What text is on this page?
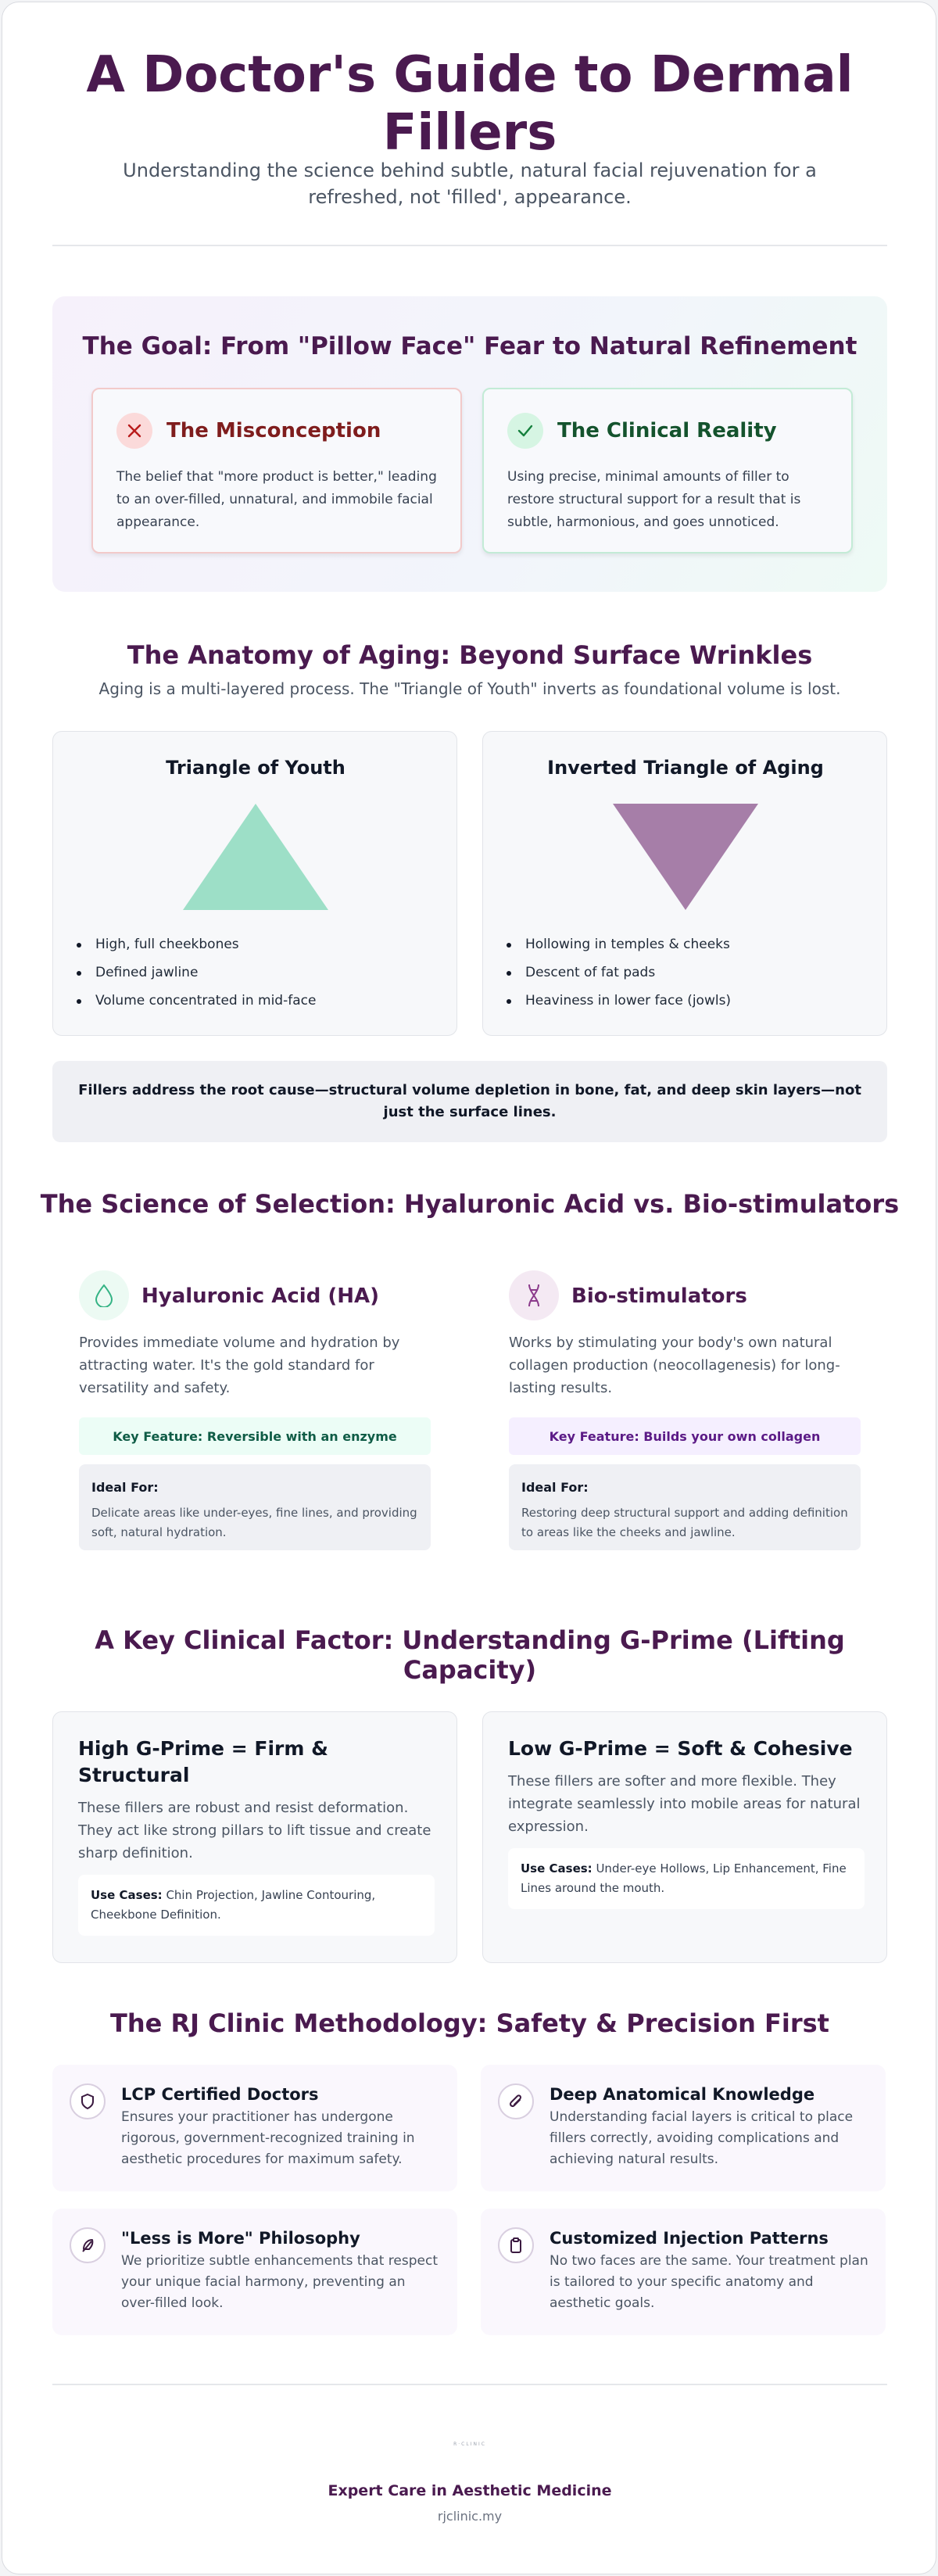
A Doctor's Guide to Dermal Fillers

Understanding the science behind subtle, natural facial rejuvenation for a refreshed, not 'filled', appearance.

The Goal: From "Pillow Face" Fear to Natural Refinement
The Misconception

The belief that "more product is better," leading to an over-filled, unnatural, and immobile facial appearance.

The Clinical Reality

Using precise, minimal amounts of filler to restore structural support for a result that is subtle, harmonious, and goes unnoticed.

The Anatomy of Aging: Beyond Surface Wrinkles

Aging is a multi-layered process. The "Triangle of Youth" inverts as foundational volume is lost.

Triangle of Youth
High, full cheekbones
Defined jawline
Volume concentrated in mid-face
Inverted Triangle of Aging
Hollowing in temples & cheeks
Descent of fat pads
Heaviness in lower face (jowls)
Fillers address the root cause—structural volume depletion in bone, fat, and deep skin layers—not just the surface lines.
The Science of Selection: Hyaluronic Acid vs. Bio-stimulators
Hyaluronic Acid (HA)

Provides immediate volume and hydration by attracting water. It's the gold standard for versatility and safety.

Key Feature: Reversible with an enzyme
Ideal For:

Delicate areas like under-eyes, fine lines, and providing soft, natural hydration.

Bio-stimulators

Works by stimulating your body's own natural collagen production (neocollagenesis) for long-lasting results.

Key Feature: Builds your own collagen
Ideal For:

Restoring deep structural support and adding definition to areas like the cheeks and jawline.

A Key Clinical Factor: Understanding G-Prime (Lifting Capacity)
High G-Prime = Firm & Structural

These fillers are robust and resist deformation. They act like strong pillars to lift tissue and create sharp definition.

Use Cases: Chin Projection, Jawline Contouring, Cheekbone Definition.
Low G-Prime = Soft & Cohesive

These fillers are softer and more flexible. They integrate seamlessly into mobile areas for natural expression.

Use Cases: Under-eye Hollows, Lip Enhancement, Fine Lines around the mouth.
The RJ Clinic Methodology: Safety & Precision First
LCP Certified Doctors

Ensures your practitioner has undergone rigorous, government-recognized training in aesthetic procedures for maximum safety.

Deep Anatomical Knowledge

Understanding facial layers is critical to place fillers correctly, avoiding complications and achieving natural results.

"Less is More" Philosophy

We prioritize subtle enhancements that respect your unique facial harmony, preventing an over-filled look.

Customized Injection Patterns

No two faces are the same. Your treatment plan is tailored to your specific anatomy and aesthetic goals.

R·CLINIC
Expert Care in Aesthetic Medicine
rjclinic.my
